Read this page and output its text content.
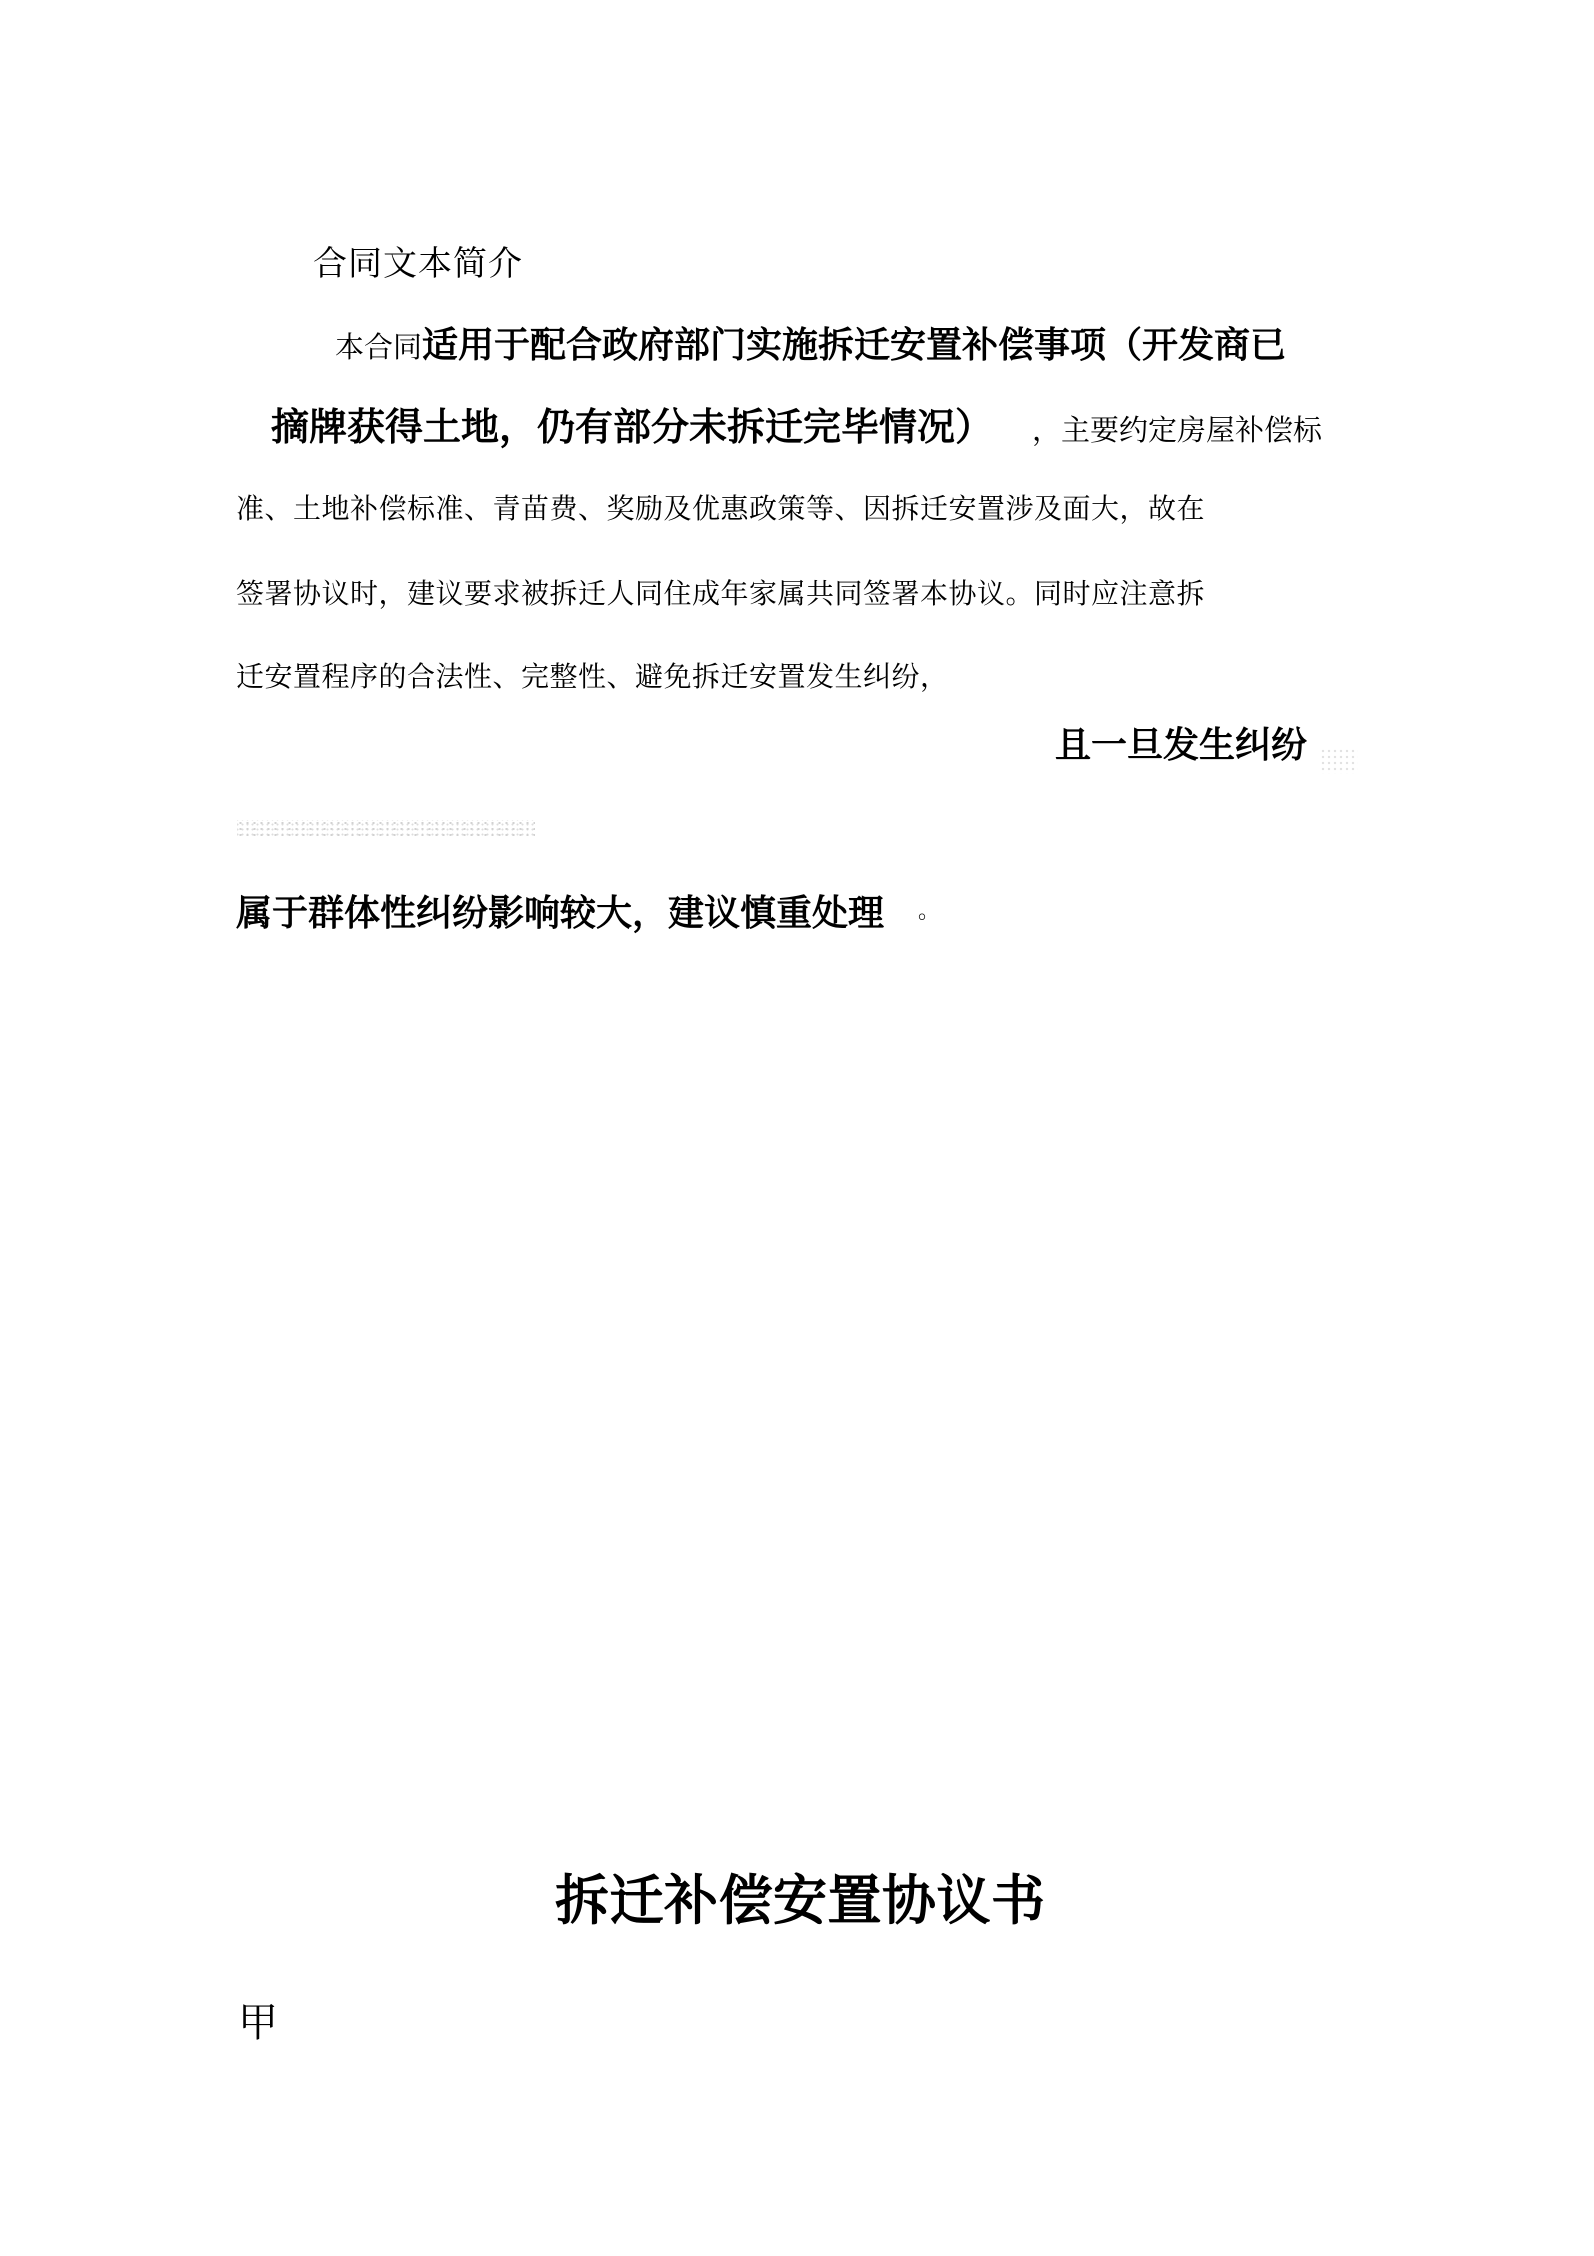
合同文本简介
本合同适用于配合政府部门实施拆迁安置补偿事项（开发商已
摘牌获得土地，仍有部分未拆迁完毕情况） ，主要约定房屋补偿标
准、土地补偿标准、青苗费、奖励及优惠政策等、因拆迁安置涉及面大，故在
签署协议时，建议要求被拆迁人同住成年家属共同签署本协议。同时应注意拆
迁安置程序的合法性、完整性、避免拆迁安置发生纠纷，
且一旦发生纠纷
属于群体性纠纷影响较大，建议慎重处理 。
拆迁补偿安置协议书
甲
